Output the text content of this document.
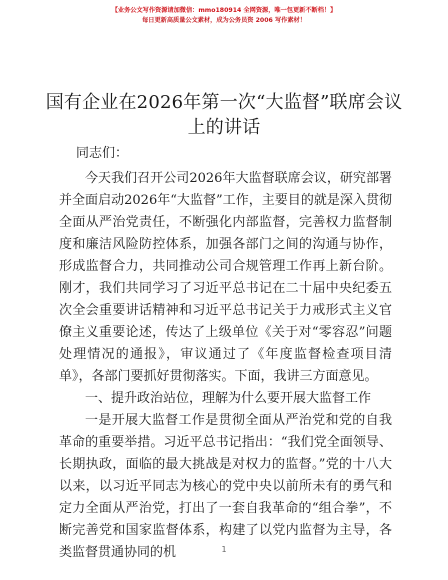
【业务公文写作资源请加微信：mmo180914 全网资源，唯一包更新不断档！】
每日更新高质量公文素材，成为公务员资 2006 写作素材！
国有企业在2026年第一次“大监督”联席会议上的讲话
同志们：

今天我们召开公司2026年大监督联席会议，研究部署并全面启动2026年“大监督”工作，主要目的就是深入贯彻全面从严治党责任，不断强化内部监督，完善权力监督制度和廉洁风险防控体系，加强各部门之间的沟通与协作，形成监督合力，共同推动公司合规管理工作再上新台阶。刚才，我们共同学习了习近平总书记在二十届中央纪委五次全会重要讲话精神和习近平总书记关于力戒形式主义官僚主义重要论述，传达了上级单位《关于对“零容忍”问题处理情况的通报》，审议通过了《年度监督检查项目清单》，各部门要抓好贯彻落实。下面，我讲三方面意见。

一、提升政治站位，理解为什么要开展大监督工作

一是开展大监督工作是贯彻全面从严治党和党的自我革命的重要举措。习近平总书记指出：“我们党全面领导、长期执政，面临的最大挑战是对权力的监督。”党的十八大以来，以习近平同志为核心的党中央以前所未有的勇气和定力全面从严治党，打出了一套自我革命的“组合拳”，不断完善党和国家监督体系，构建了以党内监督为主导，各类监督贯通协同的机	1
